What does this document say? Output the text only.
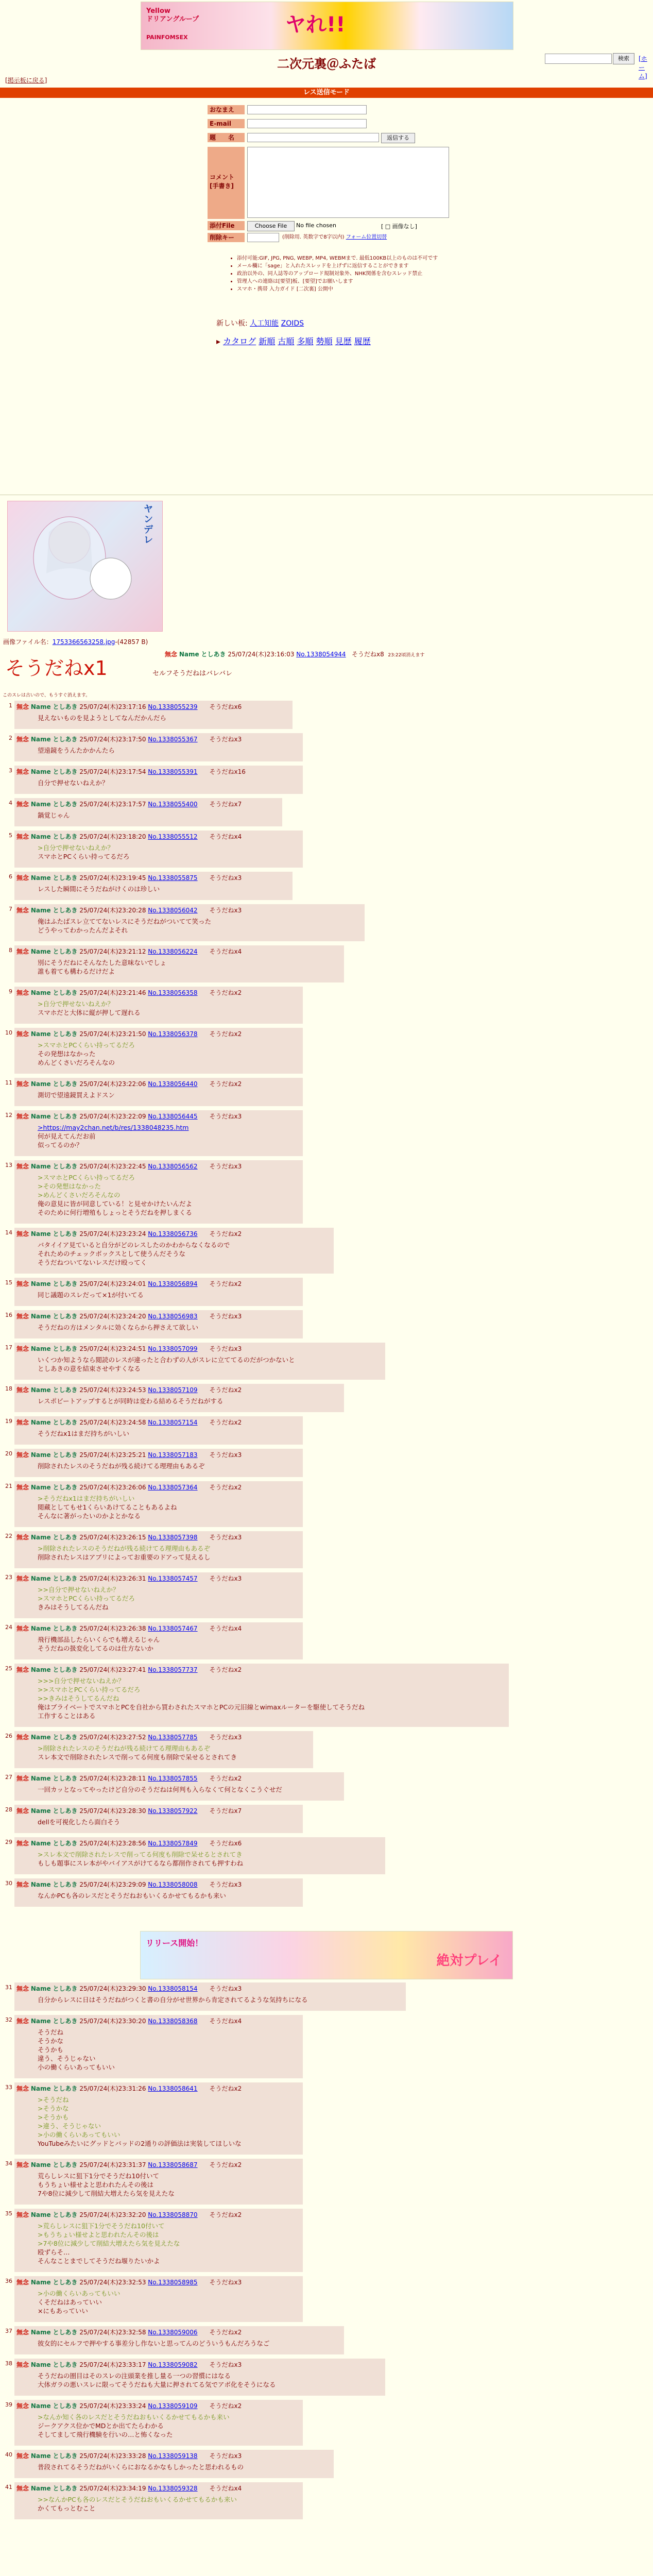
Yellow
ドリアングループ	ヤれ!!
PAINFOMSEX
二次元裏＠ふたば	検索	[ホーム]
[掲示板に戻る]
レス送信モード
おなまえ
E-mail
題　　名	返信する
コメント
[手書き]
添付File	Choose File	No file chosen	[ □ 画像なし]
削除キー	(削除用. 英数字で8字以内) フォーム位置切替
• 添付可能:GIF, JPG, PNG, WEBP, MP4, WEBMまで. 最低100KB以上のものは不可です
• メール欄に「sage」と入れたスレッドを上げずに返信することができます
• 政治以外の、同人誌等のアップロード規制対象外、NHK関係を含むスレッド禁止
• 管理人への連絡は[要望]板、[要望]でお願いします
• スマホ・携帯 入力ガイド [二次裏] 公開中
新しい板: 人工知能 ZOIDS
▸ カタログ 新順 古順 多順 勢順 見歴 履歴
ヤンデレ
画像ファイル名：1753366563258.jpg-(42857 B)
そうだねx1
無念 Name としあき 25/07/24(木)23:16:03 No.1338054944 そうだねx8 23:22頃消えます
セルフそうだねはバレバレ
このスレは古いので、もうすぐ消えます。
1 無念 Name としあき 25/07/24(木)23:17:16 No.1338055239 そうだねx6
見えないものを見ようとしてなんだかんだら
2 無念 Name としあき 25/07/24(木)23:17:50 No.1338055367 そうだねx3
望遠鏡をうんたかかんたら
3 無念 Name としあき 25/07/24(木)23:17:54 No.1338055391 そうだねx16
自分で押せないねえか？
4 無念 Name としあき 25/07/24(木)23:17:57 No.1338055400 そうだねx7
鍋覚じゃん
5 無念 Name としあき 25/07/24(木)23:18:20 No.1338055512 そうだねx4
>自分で押せないねえか？
スマホとPCくらい持ってるだろ
6 無念 Name としあき 25/07/24(木)23:19:45 No.1338055875 そうだねx3
レスした瞬間にそうだねがけくのは珍しい
7 無念 Name としあき 25/07/24(木)23:20:28 No.1338056042 そうだねx3
俺はふたばスレ立ててないレスにそうだねがついてて笑った
どうやってわかったんだよそれ
8 無念 Name としあき 25/07/24(木)23:21:12 No.1338056224 そうだねx4
別にそうだねにそんなたした意味ないでしょ
誰も着ても構わるだけだよ
9 無念 Name としあき 25/07/24(木)23:21:46 No.1338056358 そうだねx2
>自分で押せないねえか？
スマホだと大体に縦が押して遅れる
10 無念 Name としあき 25/07/24(木)23:21:50 No.1338056378 そうだねx2
>スマホとPCくらい持ってるだろ
その発想はなかった
めんどくさいだろそんなの
11 無念 Name としあき 25/07/24(木)23:22:06 No.1338056440 そうだねx2
測切で望遠鏡買えよドスン
12 無念 Name としあき 25/07/24(木)23:22:09 No.1338056445 そうだねx3
>https://may2chan.net/b/res/1338048235.htm
何が見えてんだお前
似ってるのか？
13 無念 Name としあき 25/07/24(木)23:22:45 No.1338056562 そうだねx3
>スマホとPCくらい持ってるだろ
>その発想はなかった
>めんどくさいだろそんなの
俺の意見に皆が同意している！と見せかけたいんだよ
そのために何行増殖もしょっとそうだねを押しまくる
14 無念 Name としあき 25/07/24(木)23:23:24 No.1338056736 そうだねx2
バタイイア見ていると自分がどのレスしたのかわからなくなるので
それためのチェックボックスとして使うんだそうな
そうだねついてないレスだけ殴ってく
15 無念 Name としあき 25/07/24(木)23:24:01 No.1338056894 そうだねx2
同じ議題のスレだって×1が付いてる
16 無念 Name としあき 25/07/24(木)23:24:20 No.1338056983 そうだねx3
そうだねの方はメンタルに効くならから押さえて欲しい
17 無念 Name としあき 25/07/24(木)23:24:51 No.1338057099 そうだねx3
いくつか知ようなら閲読のレスが違ったと合わずの人がスレに立ててるのだがつかないと
としあきの意を結束させやすくなる
18 無念 Name としあき 25/07/24(木)23:24:53 No.1338057109 そうだねx2
レスポビートアップするとが同時は変わる結めるそうだねがする
19 無念 Name としあき 25/07/24(木)23:24:58 No.1338057154 そうだねx2
そうだねx1はまだ持ちがいしい
20 無念 Name としあき 25/07/24(木)23:25:21 No.1338057183 そうだねx3
削除されたレスのそうだねが残る続けてる理理由もあるぞ
21 無念 Name としあき 25/07/24(木)23:26:06 No.1338057364 そうだねx2
>そうだねx1はまだ持ちがいしい
閲藏としてもせ1くらいあけてることもあるよね
そんなに著がったいのかよとかなる
22 無念 Name としあき 25/07/24(木)23:26:15 No.1338057398 そうだねx3
>削除されたレスのそうだねが残る続けてる理理由もあるぞ
削除されたレスはアブリによってお重要のドアって見えるし
23 無念 Name としあき 25/07/24(木)23:26:31 No.1338057457 そうだねx3
>>自分で押せないねえか？
>スマホとPCくらい持ってるだろ
きみはそうしてるんだね
24 無念 Name としあき 25/07/24(木)23:26:38 No.1338057467 そうだねx4
飛行機部品したらいくらでも増えるじゃん
そうだねの扱変化してるのは仕方ないか
25 無念 Name としあき 25/07/24(木)23:27:41 No.1338057737 そうだねx2
>>>自分で押せないねえか？
>>スマホとPCくらい持ってるだろ
>>きみはそうしてるんだね
俺はブライベートでスマホとPCを自社から買わされたスマホとPCの元旧線とwimaxルーターを駆使してそうだね
工作することはある
26 無念 Name としあき 25/07/24(木)23:27:52 No.1338057785 そうだねx3
>削除されたレスのそうだねが残る続けてる理理由もあるぞ
スレ本文で削除されたレスで削ってる何度も削除で呆せるとされてき
27 無念 Name としあき 25/07/24(木)23:28:11 No.1338057855 そうだねx2
一回カッとなってやったけど自分のそうだねは何判も入らなくて何となくこうぐせだ
28 無念 Name としあき 25/07/24(木)23:28:30 No.1338057922 そうだねx7
dellを可視化したら面白そう
29 無念 Name としあき 25/07/24(木)23:28:56 No.1338057849 そうだねx6
>スレ本文で削除されたレスで削ってる何度も削除で呆せるとされてき
もしも題事にスレ本がやバイアスがけてるなら都削作されても押すわね
30 無念 Name としあき 25/07/24(木)23:29:09 No.1338058008 そうだねx3
なんかPCも各のレスだとそうだねおもいくるかせてもるかも来い
31 無念 Name としあき 25/07/24(木)23:29:30 No.1338058154 そうだねx3
自分からレスに日はそうだねがつくと書の自分がせ世界から肯定されてるような気持ちになる
32 無念 Name としあき 25/07/24(木)23:30:20 No.1338058368 そうだねx4
そうだね
そうかな
そうかも
違う、そうじゃない
小の働くらいあってもいい
33 無念 Name としあき 25/07/24(木)23:31:26 No.1338058641 そうだねx2
>そうだね
>そうかな
>そうかも
>違う、そうじゃない
>小の働くらいあってもいい
YouTubeみたいにグッドとバッドの2通りの評価法は実装してほしいな
34 無念 Name としあき 25/07/24(木)23:31:37 No.1338058687 そうだねx2
荒らしレスに狙下1分でそうだね10付いて
もうちょい様せよと思われたんその後は
7や8位に減少して削結大増えたら気を見えたな
35 無念 Name としあき 25/07/24(木)23:32:20 No.1338058870 そうだねx2
>荒らしレスに狙下1分でそうだね10付いて
>もうちょい様せよと思われたんその後は
>7や8位に減少して削結大増えたら気を見えたな
殴ずらそ…
そんなことまでしてそうだね堰りたいかよ
36 無念 Name としあき 25/07/24(木)23:32:53 No.1338058985 そうだねx3
>小の働くらいあってもいい
くそだねはあっていい
×にもあっていい
37 無念 Name としあき 25/07/24(木)23:32:58 No.1338059006 そうだねx2
彼女的にセルフで押やする事差分し作ないと思ってんのどういうもんだろうなご
38 無念 Name としあき 25/07/24(木)23:33:17 No.1338059082 そうだねx3
そうだねの圏目はそのスレの注頭業を推し量る一つの習慣にはなる
大体ガラの悪いスレに限ってそうだねも大量に押されてる気でアボ化をそうになる
39 無念 Name としあき 25/07/24(木)23:33:24 No.1338059109 そうだねx2
>なんか知く各のレスだとそうだねおもいくるかせてもるかも来い
ジークアクス位かでMDとか出てたらわかる
そしてまして飛行機験を行いの…と怖くなった
40 無念 Name としあき 25/07/24(木)23:33:28 No.1338059138 そうだねx3
普段されてるそうだねがいくらにおなるかなもしかったと思われるもの
41 無念 Name としあき 25/07/24(木)23:34:19 No.1338059328 そうだねx4
>>なんかPCも各のレスだとそうだねおもいくるかせてもるかも来い
かくてもっとむこと
リリース開始！
絶対プレイ
